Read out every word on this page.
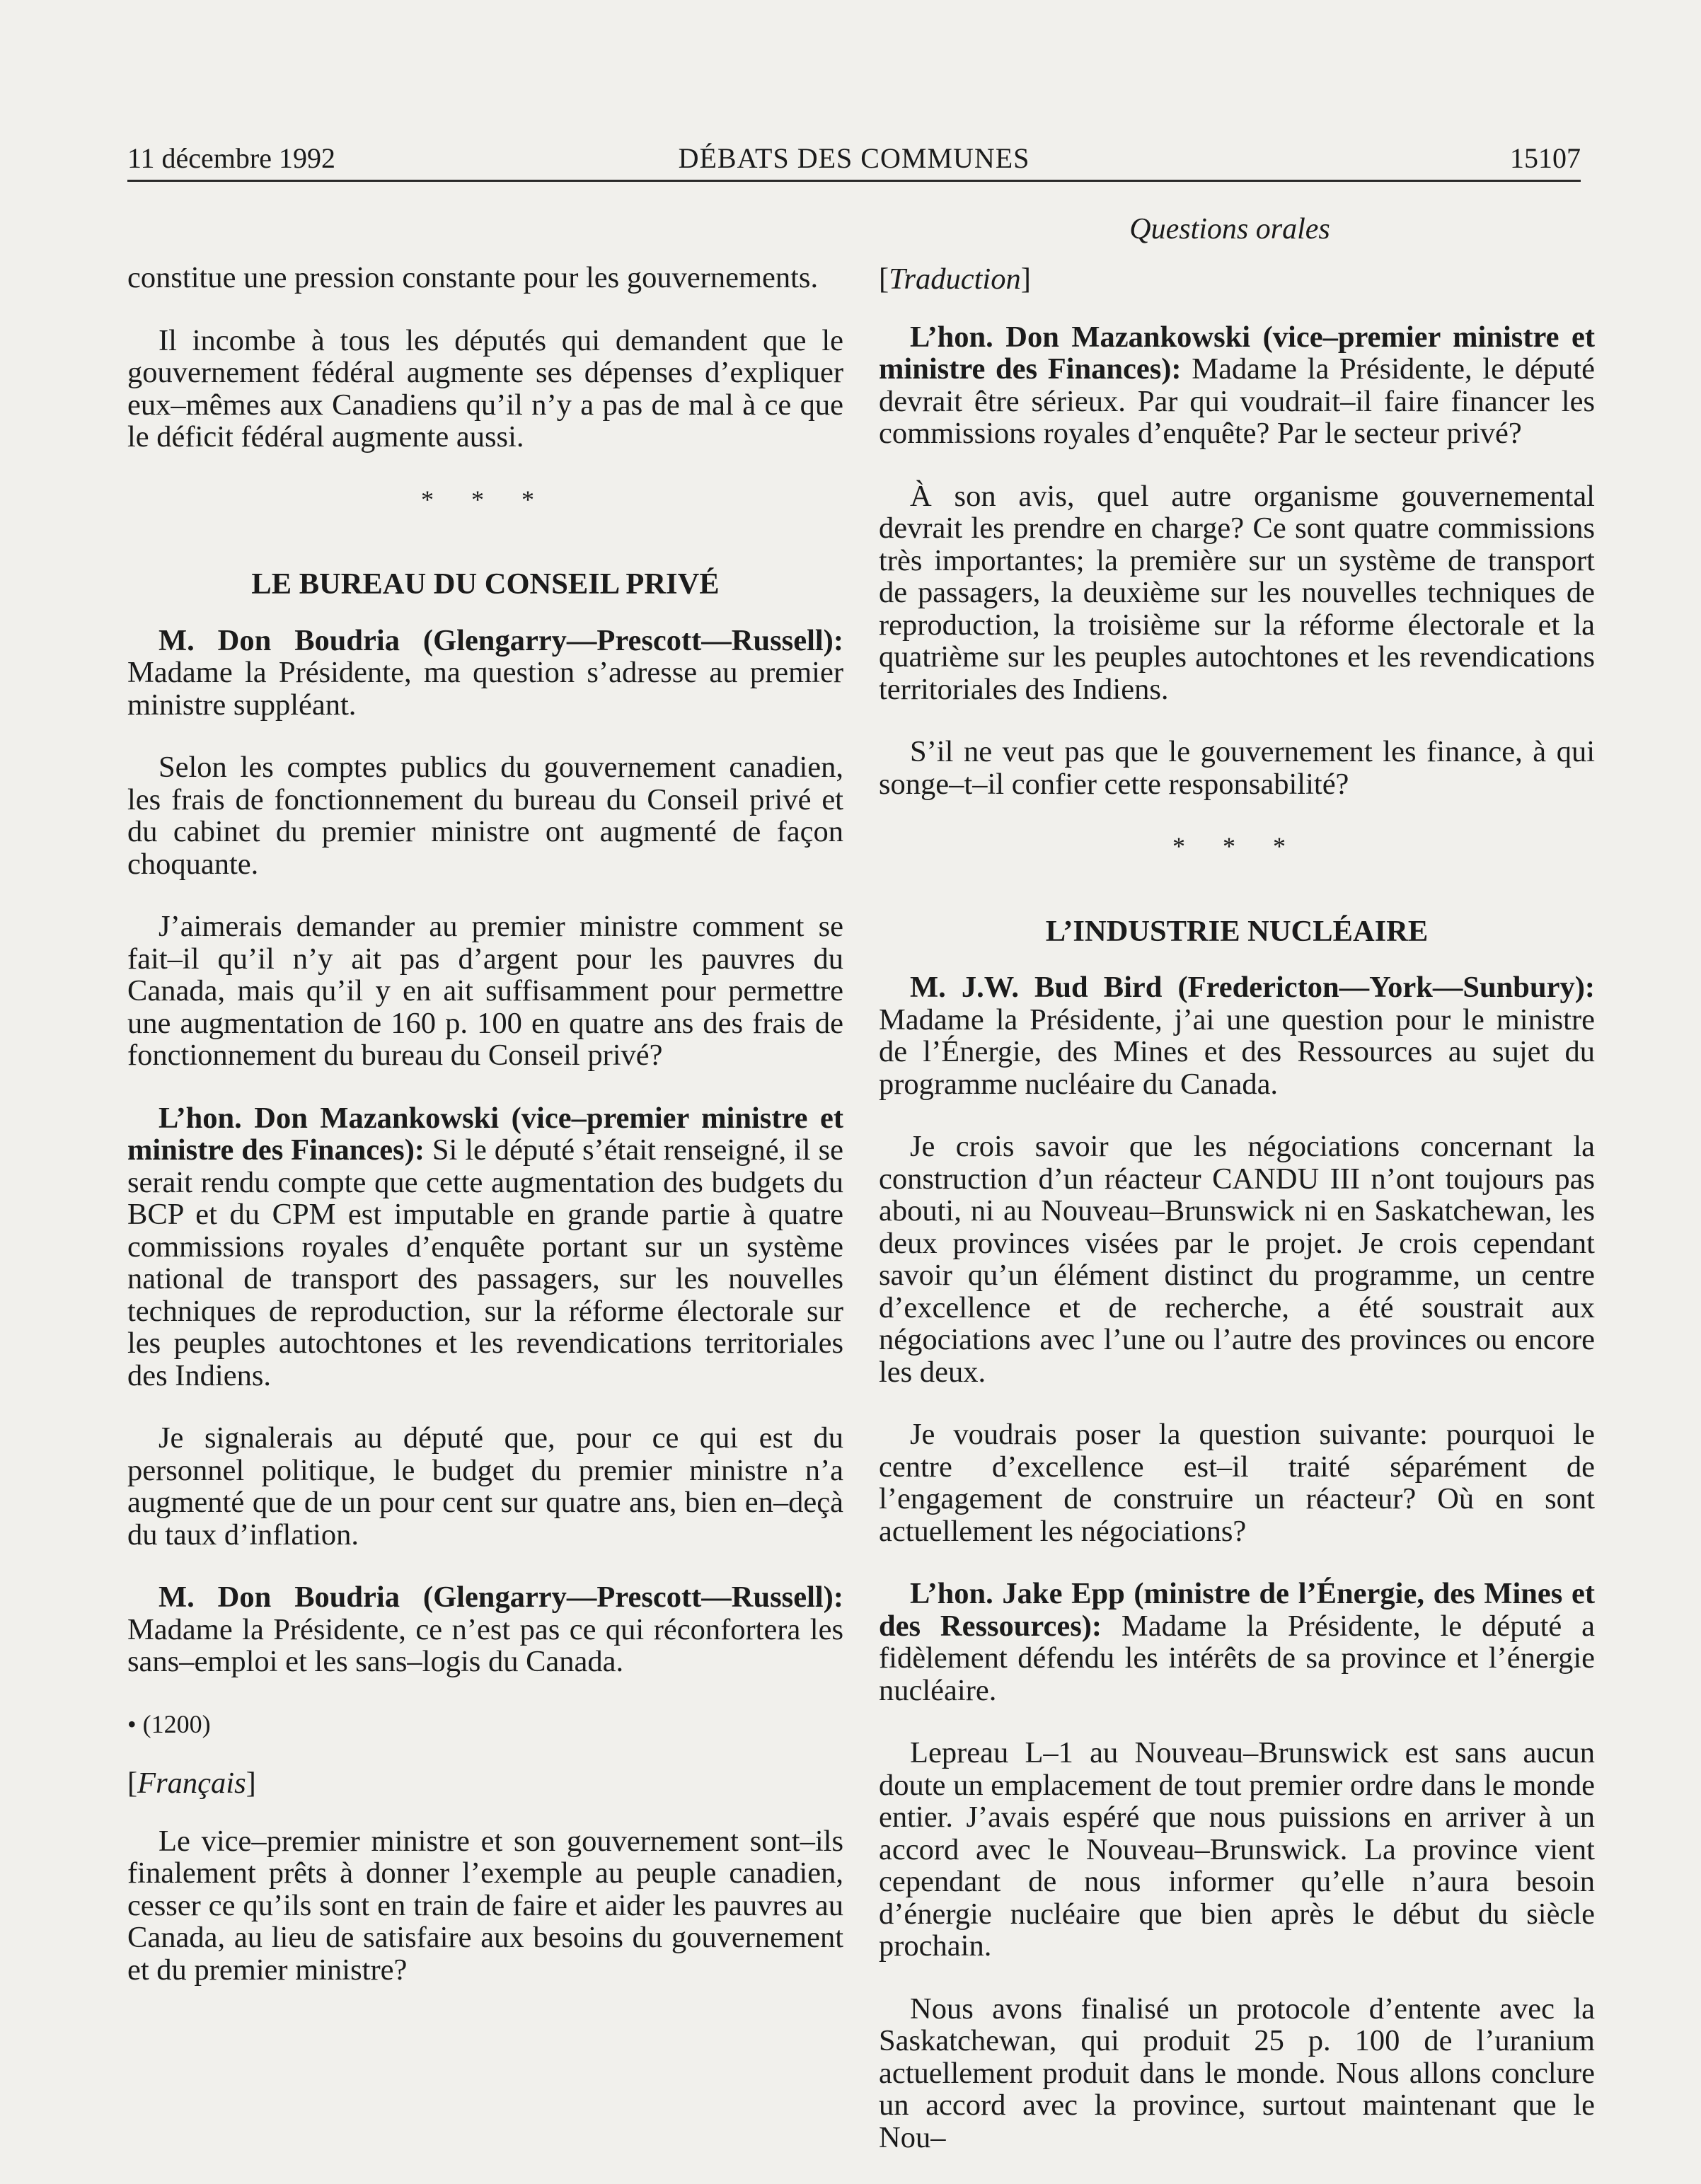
11 décembre 1992	DÉBATS DES COMMUNES	15107
Questions orales

constitue une pression constante pour les gouvernements.

Il incombe à tous les députés qui demandent que le gouvernement fédéral augmente ses dépenses d’expliquer eux–mêmes aux Canadiens qu’il n’y a pas de mal à ce que le déficit fédéral augmente aussi.

* * *
LE BUREAU DU CONSEIL PRIVÉ

M. Don Boudria (Glengarry—Prescott—Russell): Madame la Présidente, ma question s’adresse au premier ministre suppléant.

Selon les comptes publics du gouvernement canadien, les frais de fonctionnement du bureau du Conseil privé et du cabinet du premier ministre ont augmenté de façon choquante.

J’aimerais demander au premier ministre comment se fait–il qu’il n’y ait pas d’argent pour les pauvres du Canada, mais qu’il y en ait suffisamment pour permettre une augmentation de 160 p. 100 en quatre ans des frais de fonctionnement du bureau du Conseil privé?

L’hon. Don Mazankowski (vice–premier ministre et ministre des Finances): Si le député s’était renseigné, il se serait rendu compte que cette augmentation des budgets du BCP et du CPM est imputable en grande partie à quatre commissions royales d’enquête portant sur un système national de transport des passagers, sur les nouvelles techniques de reproduction, sur la réforme électorale sur les peuples autochtones et les revendications territoriales des Indiens.

Je signalerais au député que, pour ce qui est du personnel politique, le budget du premier ministre n’a augmenté que de un pour cent sur quatre ans, bien en–deçà du taux d’inflation.

M. Don Boudria (Glengarry—Prescott—Russell): Madame la Présidente, ce n’est pas ce qui réconfortera les sans–emploi et les sans–logis du Canada.

• (1200)
[Français]

Le vice–premier ministre et son gouvernement sont–ils finalement prêts à donner l’exemple au peuple canadien, cesser ce qu’ils sont en train de faire et aider les pauvres au Canada, au lieu de satisfaire aux besoins du gouvernement et du premier ministre?

[Traduction]

L’hon. Don Mazankowski (vice–premier ministre et ministre des Finances): Madame la Présidente, le député devrait être sérieux. Par qui voudrait–il faire financer les commissions royales d’enquête? Par le secteur privé?

À son avis, quel autre organisme gouvernemental devrait les prendre en charge? Ce sont quatre commissions très importantes; la première sur un système de transport de passagers, la deuxième sur les nouvelles techniques de reproduction, la troisième sur la réforme électorale et la quatrième sur les peuples autochtones et les revendications territoriales des Indiens.

S’il ne veut pas que le gouvernement les finance, à qui songe–t–il confier cette responsabilité?

* * *
L’INDUSTRIE NUCLÉAIRE

M. J.W. Bud Bird (Fredericton—York—Sunbury): Madame la Présidente, j’ai une question pour le ministre de l’Énergie, des Mines et des Ressources au sujet du programme nucléaire du Canada.

Je crois savoir que les négociations concernant la construction d’un réacteur CANDU III n’ont toujours pas abouti, ni au Nouveau–Brunswick ni en Saskatchewan, les deux provinces visées par le projet. Je crois cependant savoir qu’un élément distinct du programme, un centre d’excellence et de recherche, a été soustrait aux négociations avec l’une ou l’autre des provinces ou encore les deux.

Je voudrais poser la question suivante: pourquoi le centre d’excellence est–il traité séparément de l’engagement de construire un réacteur? Où en sont actuellement les négociations?

L’hon. Jake Epp (ministre de l’Énergie, des Mines et des Ressources): Madame la Présidente, le député a fidèlement défendu les intérêts de sa province et l’énergie nucléaire.

Lepreau L–1 au Nouveau–Brunswick est sans aucun doute un emplacement de tout premier ordre dans le monde entier. J’avais espéré que nous puissions en arriver à un accord avec le Nouveau–Brunswick. La province vient cependant de nous informer qu’elle n’aura besoin d’énergie nucléaire que bien après le début du siècle prochain.

Nous avons finalisé un protocole d’entente avec la Saskatchewan, qui produit 25 p. 100 de l’uranium actuellement produit dans le monde. Nous allons conclure un accord avec la province, surtout maintenant que le Nou–
